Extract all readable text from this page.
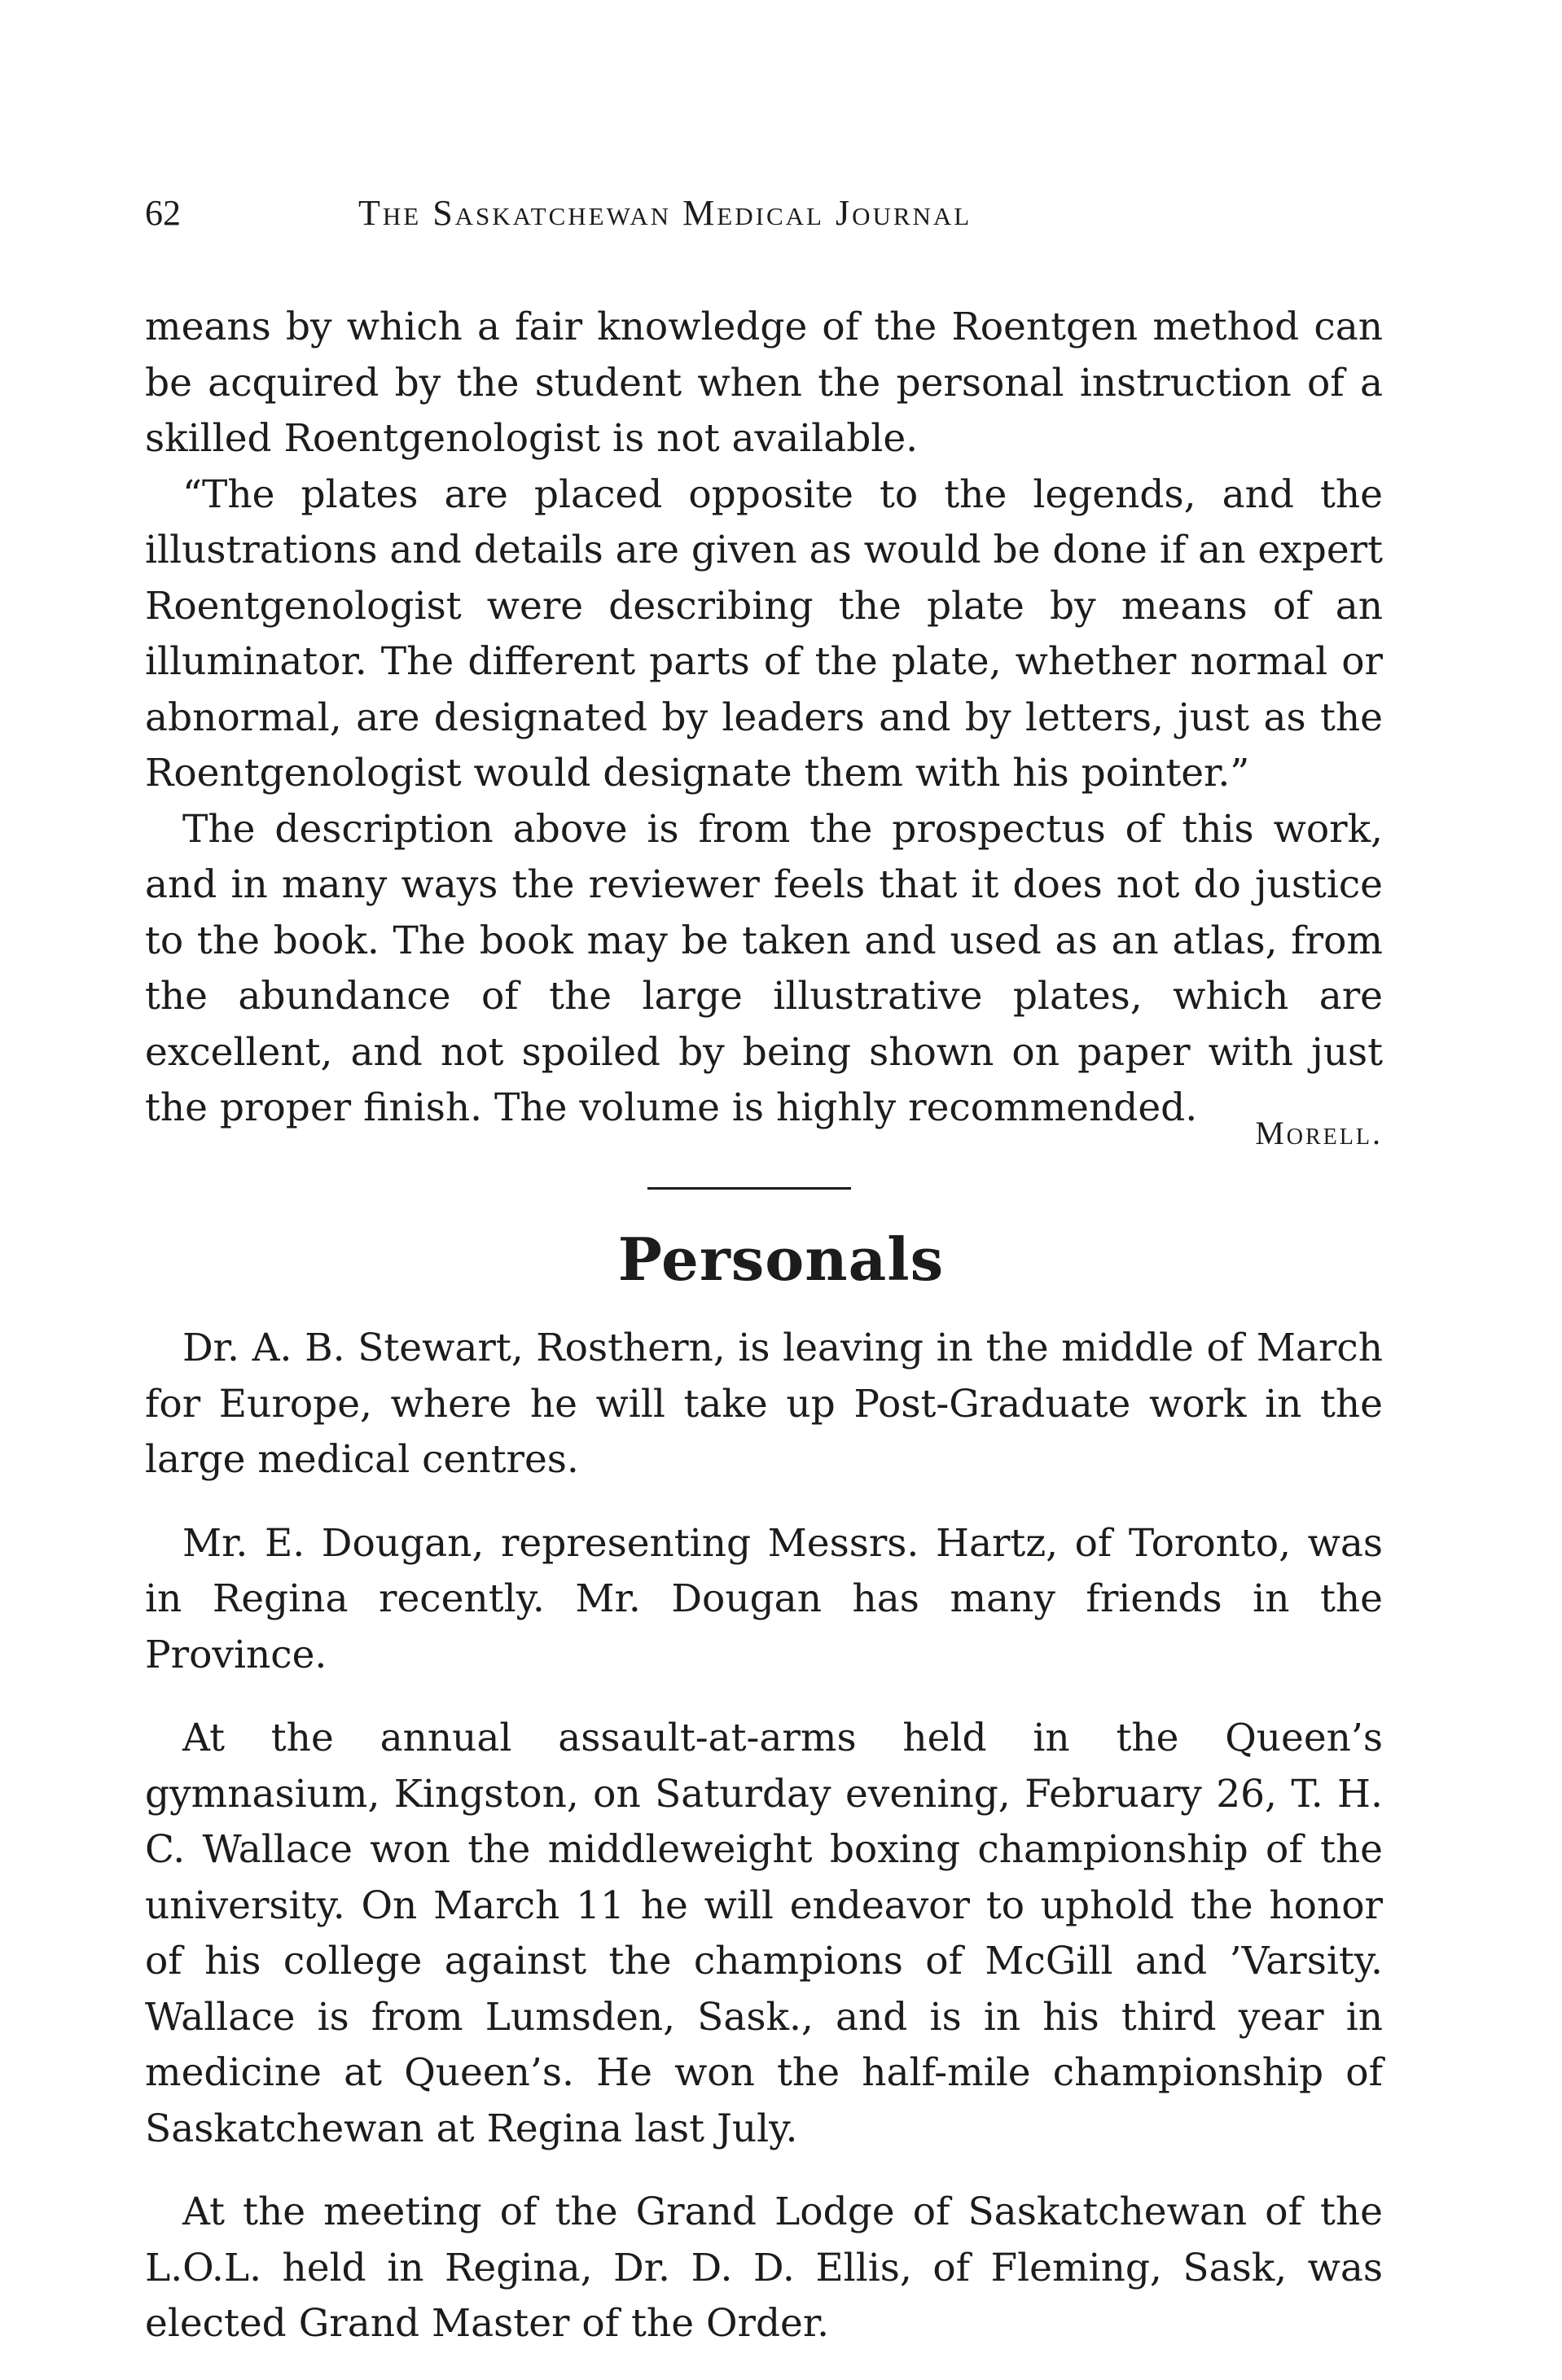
62	The Saskatchewan Medical Journal

means by which a fair knowledge of the Roentgen method can be acquired by the student when the personal instruction of a skilled Roentgenologist is not available.

“The plates are placed opposite to the legends, and the illustrations and details are given as would be done if an expert Roentgenologist were describing the plate by means of an illuminator. The different parts of the plate, whether normal or abnormal, are designated by leaders and by letters, just as the Roentgenologist would designate them with his pointer.”

The description above is from the prospectus of this work, and in many ways the reviewer feels that it does not do justice to the book. The book may be taken and used as an atlas, from the abundance of the large illustrative plates, which are excellent, and not spoiled by being shown on paper with just the proper finish. The volume is highly recommended.

Morell.
Personals

Dr. A. B. Stewart, Rosthern, is leaving in the middle of March for Europe, where he will take up Post-Graduate work in the large medical centres.

Mr. E. Dougan, representing Messrs. Hartz, of Toronto, was in Regina recently. Mr. Dougan has many friends in the Province.

At the annual assault-at-arms held in the Queen’s gymnasium, Kingston, on Saturday evening, February 26, T. H. C. Wallace won the middleweight boxing championship of the university. On March 11 he will endeavor to uphold the honor of his college against the champions of McGill and ’Varsity. Wallace is from Lumsden, Sask., and is in his third year in medicine at Queen’s. He won the half-mile championship of Saskatchewan at Regina last July.

At the meeting of the Grand Lodge of Saskatchewan of the L.O.L. held in Regina, Dr. D. D. Ellis, of Fleming, Sask, was elected Grand Master of the Order.
